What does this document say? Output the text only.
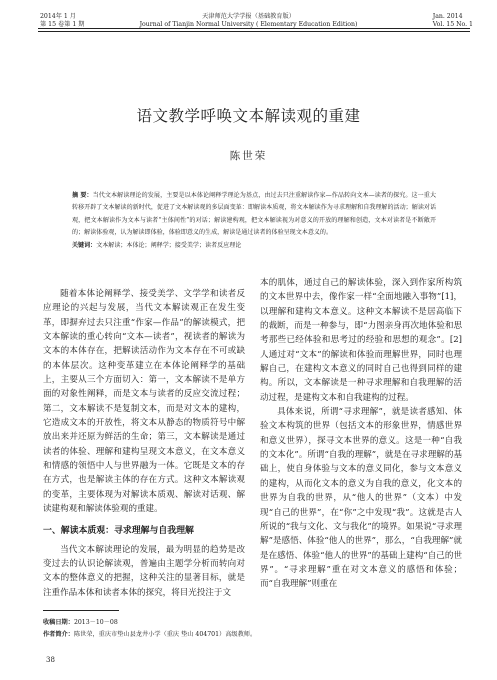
2014年 1 月
第 15 卷第 1 期
天津师范大学学报（基础教育版）
Journal of Tianjin Normal University ( Elementary Education Edition)
Jan. 2014
Vol. 15 No. 1
语文教学呼唤文本解读观的重建
陈世荣
摘 要：当代文本解读理论的发展，主要是以本体论阐释学理论为基点，由过去只注重解读作家—作品转向文本—读者的探究。这一重大转移开辟了文本解读的新时代，促进了文本解读观的多层面变革：即解读本质观，将文本解读作为寻求理解和自我理解的活动；解读对话观，把文本解读作为文本与读者“主体间性”的对话；解读建构观，把文本解读视为对意义的开放的理解和创造，文本对读者是不断敞开的；解读体验观，认为解读即体验，体验即意义的生成，解读是通过读者的体验呈现文本意义的。
关键词：文本解读；本体论；阐释学；接受美学；读者反应理论

随着本体论阐释学、接受美学、文学学和读者反应理论的兴起与发展，当代文本解读观正在发生变革，即摒弃过去只注重“作家—作品”的解读模式，把文本解读的重心转向“文本—读者”，视读者的解读为文本的本体存在，把解读活动作为文本存在不可或缺的本体层次。这种变革建立在本体论阐释学的基础上，主要从三个方面切入：第一，文本解读不是单方面的对象性阐释，而是文本与读者的反应交流过程；第二，文本解读不是复制文本，而是对文本的建构，它造成文本的开放性，将文本从静态的物质符号中解放出来并还原为鲜活的生命；第三，文本解读是通过读者的体验、理解和建构呈现文本意义，在文本意义和情感的领悟中人与世界融为一体。它既是文本的存在方式，也是解读主体的存在方式。这种文本解读观的变革，主要体现为对解读本质观、解读对话观、解读建构观和解读体验观的重建。

一、解读本质观：寻求理解与自我理解

当代文本解读理论的发展，最为明显的趋势是改变过去的认识论解读观，普遍由主题学分析而转向对文本的整体意义的把握，这种关注的显著目标，就是注重作品本体和读者本体的探究，将目光投注于文

本的肌体，通过自己的解读体验，深入到作家所构筑的文本世界中去，像作家一样“全面地融入事物”[1]，以理解和建构文本意义。这种文本解读不是居高临下的裁断，而是一种参与，即“力图亲身再次地体验和思考那些已经体验和思考过的经验和思想的观念”。[2]人通过对“文本”的解读和体验而理解世界，同时也理解自己，在建构文本意义的同时自己也得到同样的建构。所以，文本解读是一种寻求理解和自我理解的活动过程，是建构文本和自我建构的过程。

具体来说，所谓“寻求理解”，就是读者感知、体验文本构筑的世界（包括文本的形象世界，情感世界和意义世界），探寻文本世界的意义。这是一种“自我的文本化”。所谓“自我的理解”，就是在寻求理解的基础上，使自身体验与文本的意义同化，参与文本意义的建构，从而化文本的意义为自我的意义，化文本的世界为自我的世界，从“他人的世界”（文本）中发现“自己的世界”，在“你”之中发现“我”。这就是古人所说的“我与文化、文与我化”的境界。如果说“寻求理解”是感悟、体验“他人的世界”，那么，“自我理解”就是在感悟、体验“他人的世界”的基础上建构“自己的世界”。“寻求理解”重在对文本意义的感悟和体验；而“自我理解”则重在

收稿日期：2013－10－08
作者简介：陈世荣，重庆市垫山县龙井小学（重庆 垫山 404701）高级教师。
38
